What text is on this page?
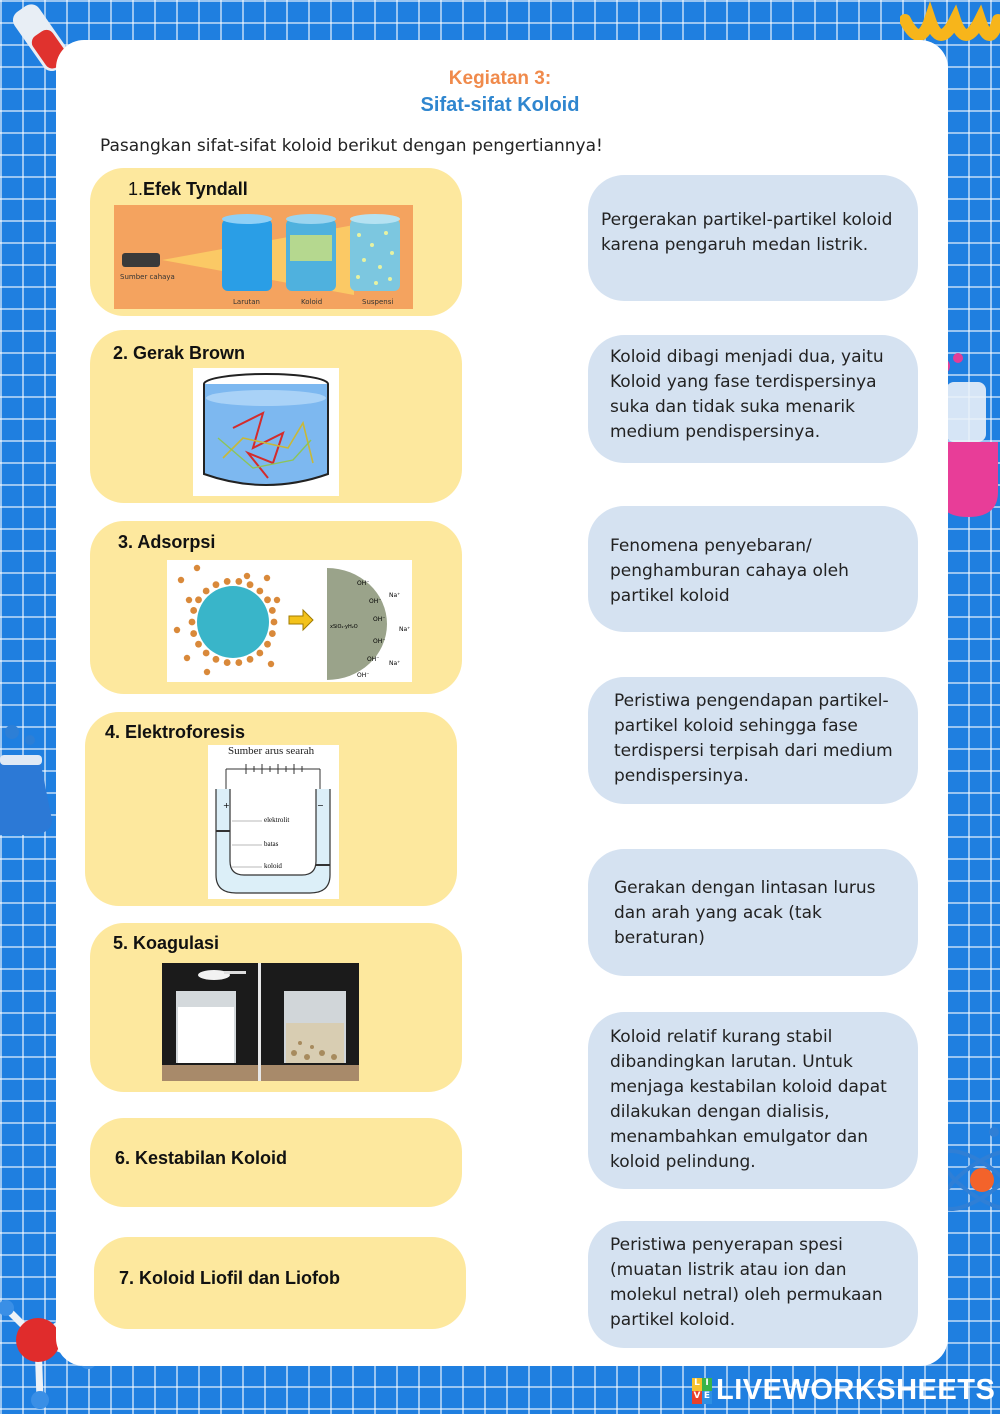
Kegiatan 3:
Sifat-sifat Koloid
Pasangkan sifat-sifat koloid berikut dengan pengertiannya!
1.Efek Tyndall
Sumber cahaya
Larutan	Koloid	Suspensi
2. Gerak Brown
3. Adsorpsi
OH⁻
OH⁻
OH⁻
OH⁻
OH⁻
OH⁻
Na⁺
Na⁺
Na⁺
xSiO₂·yH₂O
4. Elektroforesis
Sumber arus searah
+	−
elektrolit
batas
koloid
5. Koagulasi
6. Kestabilan Koloid
7. Koloid Liofil dan Liofob
Pergerakan partikel-partikel koloid
karena pengaruh medan listrik.
Koloid dibagi menjadi dua, yaitu
Koloid yang fase terdispersinya
suka dan tidak suka menarik
medium pendispersinya.
Fenomena penyebaran/
penghamburan cahaya oleh
partikel koloid
Peristiwa pengendapan partikel-
partikel koloid sehingga fase
terdispersi terpisah dari medium
pendispersinya.
Gerakan dengan lintasan lurus
dan arah yang acak (tak
beraturan)
Koloid relatif kurang stabil
dibandingkan larutan. Untuk
menjaga kestabilan koloid dapat
dilakukan dengan dialisis,
menambahkan emulgator dan
koloid pelindung.
Peristiwa penyerapan spesi
(muatan listrik atau ion dan
molekul netral) oleh permukaan
partikel koloid.
L I
V E LIVEWORKSHEETS
